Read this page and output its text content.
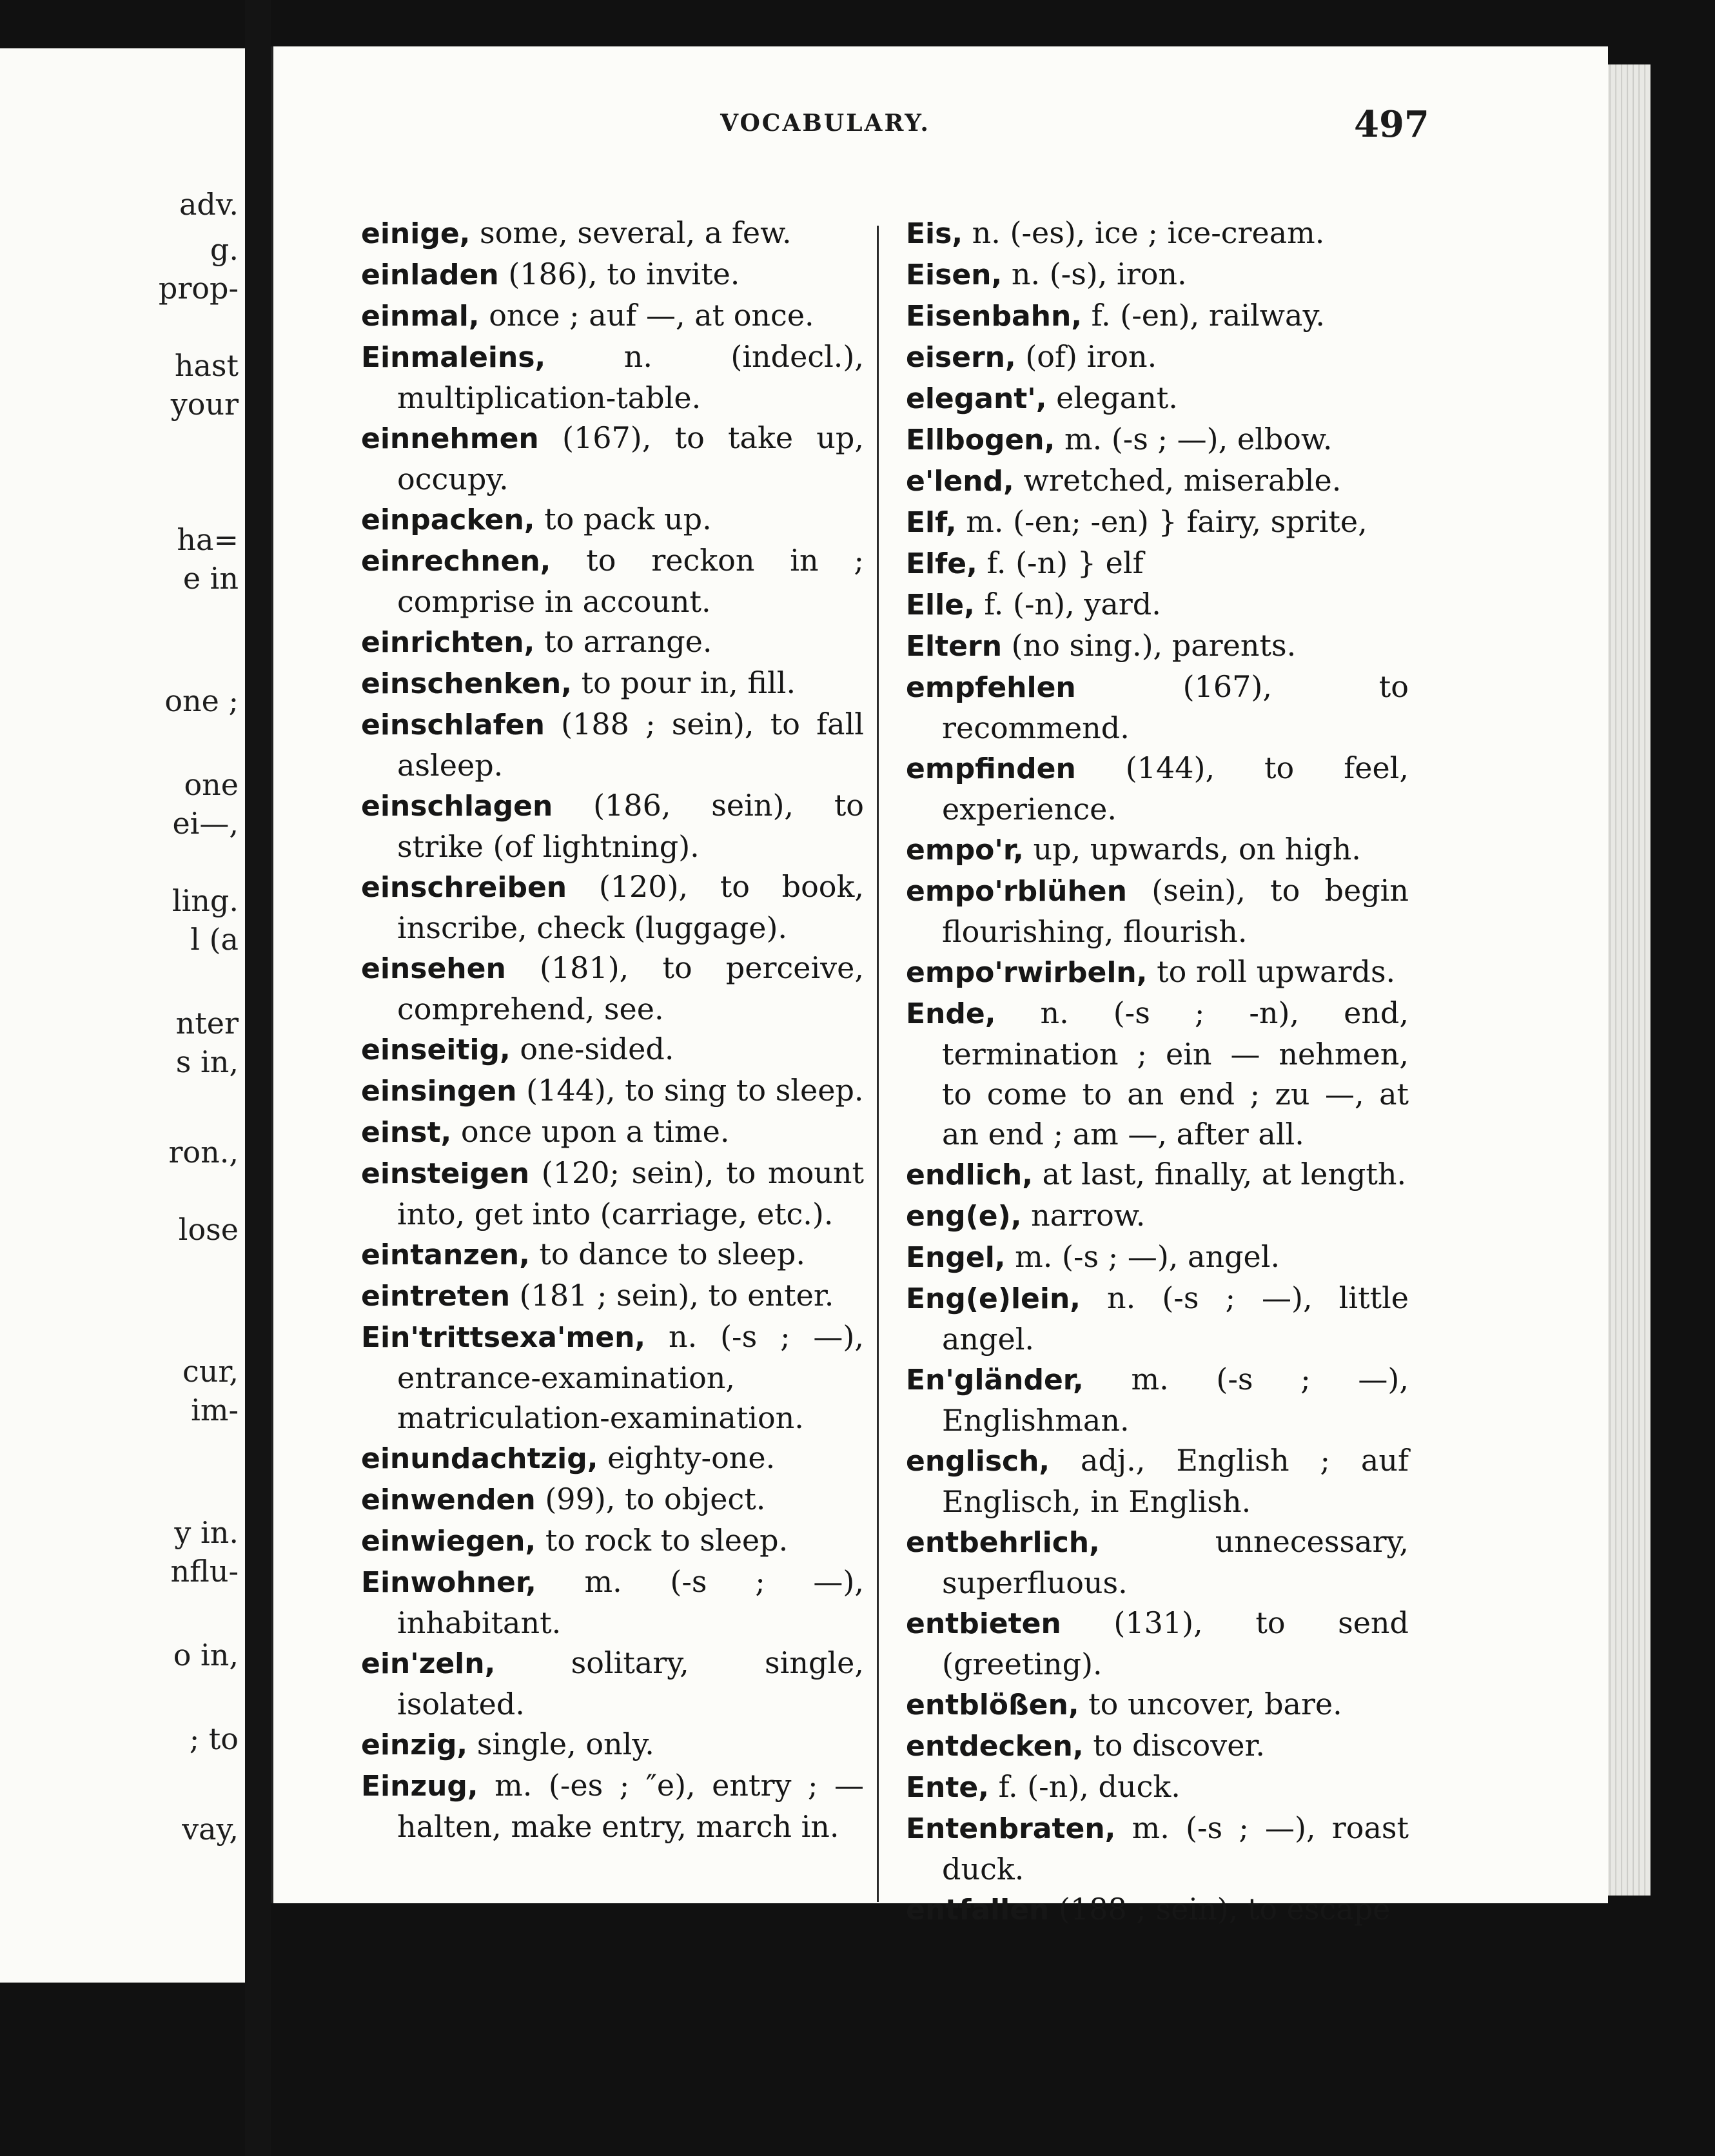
adv.
g.
prop-
hast
your
ha=
e in
one ;
one
ei—,
ling.
l (a
nter
s in,
ron.,
lose
cur,
im-
y in.
nflu-
o in,
; to
vay,
VOCABULARY.	497

einige, some, several, a few.

einladen (186), to invite.

einmal, once ; auf —, at once.

Einmaleins,	n. (indecl.), multiplication-table.

einnehmen (167), to take up, occupy.

einpacken, to pack up.

einrechnen, to reckon in ; comprise in account.

einrichten, to arrange.

einschenken, to pour in, fill.

einschlafen (188 ; sein), to fall asleep.

einschlagen (186, sein), to strike (of lightning).

einschreiben (120), to book, inscribe, check (luggage).

einsehen (181), to perceive, comprehend, see.

einseitig, one-sided.

einsingen (144), to sing to sleep.

einst, once upon a time.

einsteigen (120; sein), to mount into, get into (carriage, etc.).

eintanzen, to dance to sleep.

eintreten (181 ; sein), to enter.

Ein'trittsexa'men, n. (-s ; —), entrance-examination, matriculation-examination.

einundachtzig, eighty-one.

einwenden (99), to object.

einwiegen, to rock to sleep.

Einwohner, m. (-s ; —), inhabitant.

ein'zeln,	solitary, single, isolated.

einzig, single, only.

Einzug, m. (-es ; ″e), entry ; —halten, make entry, march in.

Eis, n. (-es), ice ; ice-cream.

Eisen, n. (-s), iron.

Eisenbahn, f. (-en), railway.

eisern, (of) iron.

elegant', elegant.

Ellbogen, m. (-s ; —), elbow.

e'lend, wretched, miserable.

Elf, m. (-en; -en) } fairy, sprite,

Elfe, f. (-n) } elf

Elle, f. (-n), yard.

Eltern (no sing.), parents.

empfehlen	(167), to recommend.

empfinden (144), to feel, experience.

empo'r, up, upwards, on high.

empo'rblühen (sein), to begin flourishing, flourish.

empo'rwirbeln, to roll upwards.

Ende, n. (-s ; -n), end, termination ; ein — nehmen, to come to an end ; zu —, at an end ; am —, after all.

endlich, at last, finally, at length.

eng(e), narrow.

Engel, m. (-s ; —), angel.

Eng(e)lein, n. (-s ; —), little angel.

En'gländer, m. (-s ; —), Englishman.

englisch, adj., English ; auf Englisch, in English.

entbehrlich,	unnecessary, superfluous.

entbieten (131), to send (greeting).

entblößen, to uncover, bare.

entdecken, to discover.

Ente, f. (-n), duck.

Entenbraten, m. (-s ; —), roast duck.

entfallen (188 ; sein), to escape
